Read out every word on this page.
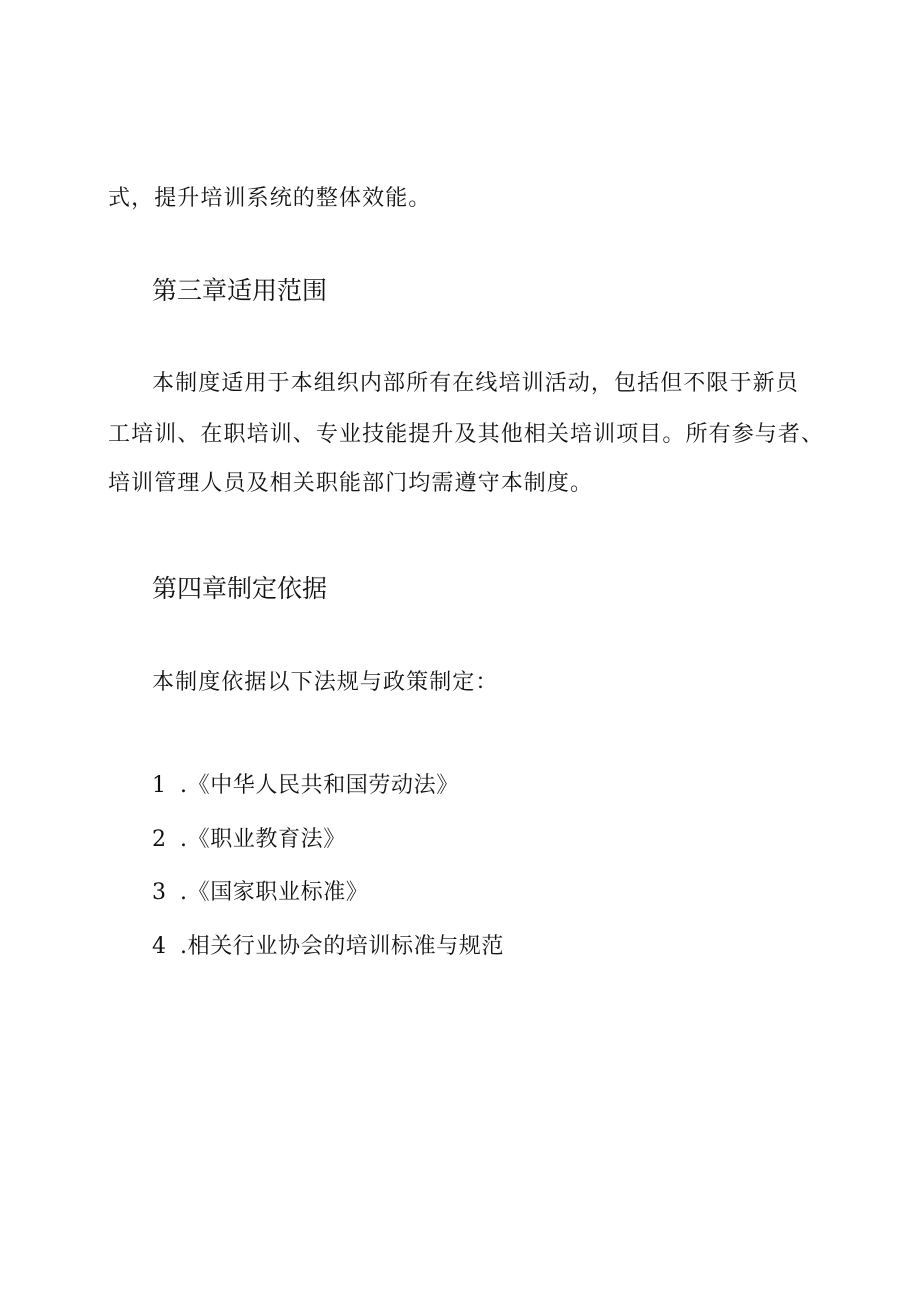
式，提升培训系统的整体效能。
第三章适用范围
本制度适用于本组织内部所有在线培训活动，包括但不限于新员
工培训、在职培训、专业技能提升及其他相关培训项目。所有参与者、
培训管理人员及相关职能部门均需遵守本制度。
第四章制定依据
本制度依据以下法规与政策制定：
1 .《中华人民共和国劳动法》
2 .《职业教育法》
3 .《国家职业标准》
4 .相关行业协会的培训标准与规范
